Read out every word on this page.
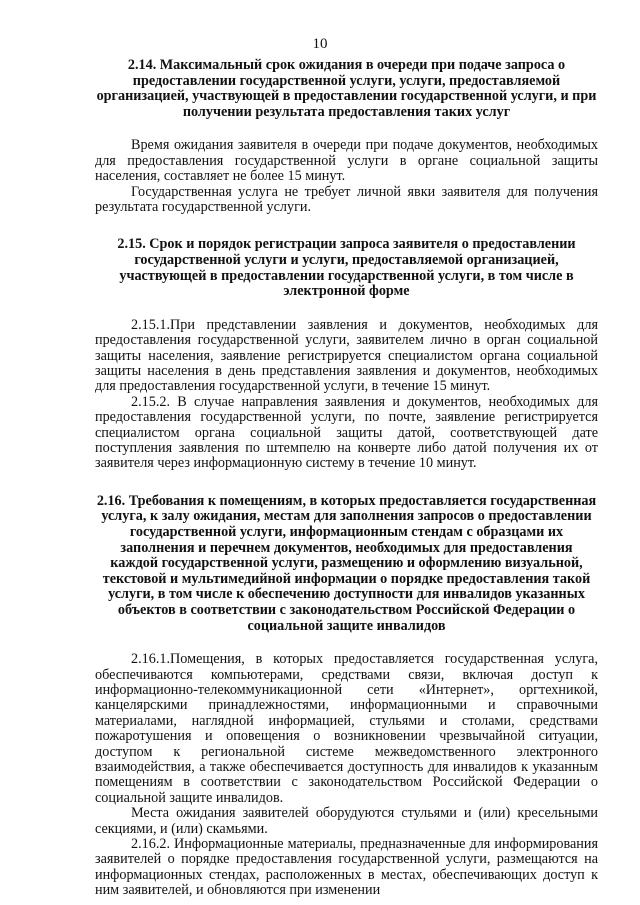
10

2.14. Максимальный срок ожидания в очереди при подаче запроса о предоставлении государственной услуги, услуги, предоставляемой организацией, участвующей в предоставлении государственной услуги, и при получении результата предоставления таких услуг

Время ожидания заявителя в очереди при подаче документов, необходимых для предоставления государственной услуги в органе социальной защиты населения, составляет не более 15 минут.

Государственная услуга не требует личной явки заявителя для получения результата государственной услуги.

2.15. Срок и порядок регистрации запроса заявителя о предоставлении государственной услуги и услуги, предоставляемой организацией, участвующей в предоставлении государственной услуги, в том числе в электронной форме

2.15.1.При представлении заявления и документов, необходимых для предоставления государственной услуги, заявителем лично в орган социальной защиты населения, заявление регистрируется специалистом органа социальной защиты населения в день представления заявления и документов, необходимых для предоставления государственной услуги, в течение 15 минут.

2.15.2. В случае направления заявления и документов, необходимых для предоставления государственной услуги, по почте, заявление регистрируется специалистом органа социальной защиты датой, соответствующей дате поступления заявления по штемпелю на конверте либо датой получения их от заявителя через информационную систему в течение 10 минут.

2.16. Требования к помещениям, в которых предоставляется государственная услуга, к залу ожидания, местам для заполнения запросов о предоставлении государственной услуги, информационным стендам с образцами их заполнения и перечнем документов, необходимых для предоставления каждой государственной услуги, размещению и оформлению визуальной, текстовой и мультимедийной информации о порядке предоставления такой услуги, в том числе к обеспечению доступности для инвалидов указанных объектов в соответствии с законодательством Российской Федерации о социальной защите инвалидов

2.16.1.Помещения, в которых предоставляется государственная услуга, обеспечиваются компьютерами, средствами связи, включая доступ к информационно-телекоммуникационной сети «Интернет», оргтехникой, канцелярскими принадлежностями, информационными и справочными материалами, наглядной информацией, стульями и столами, средствами пожаротушения и оповещения о возникновении чрезвычайной ситуации, доступом к региональной системе межведомственного электронного взаимодействия, а также обеспечивается доступность для инвалидов к указанным помещениям в соответствии с законодательством Российской Федерации о социальной защите инвалидов.

Места ожидания заявителей оборудуются стульями и (или) кресельными секциями, и (или) скамьями.

2.16.2. Информационные материалы, предназначенные для информирования заявителей о порядке предоставления государственной услуги, размещаются на информационных стендах, расположенных в местах, обеспечивающих доступ к ним заявителей, и обновляются при изменении
